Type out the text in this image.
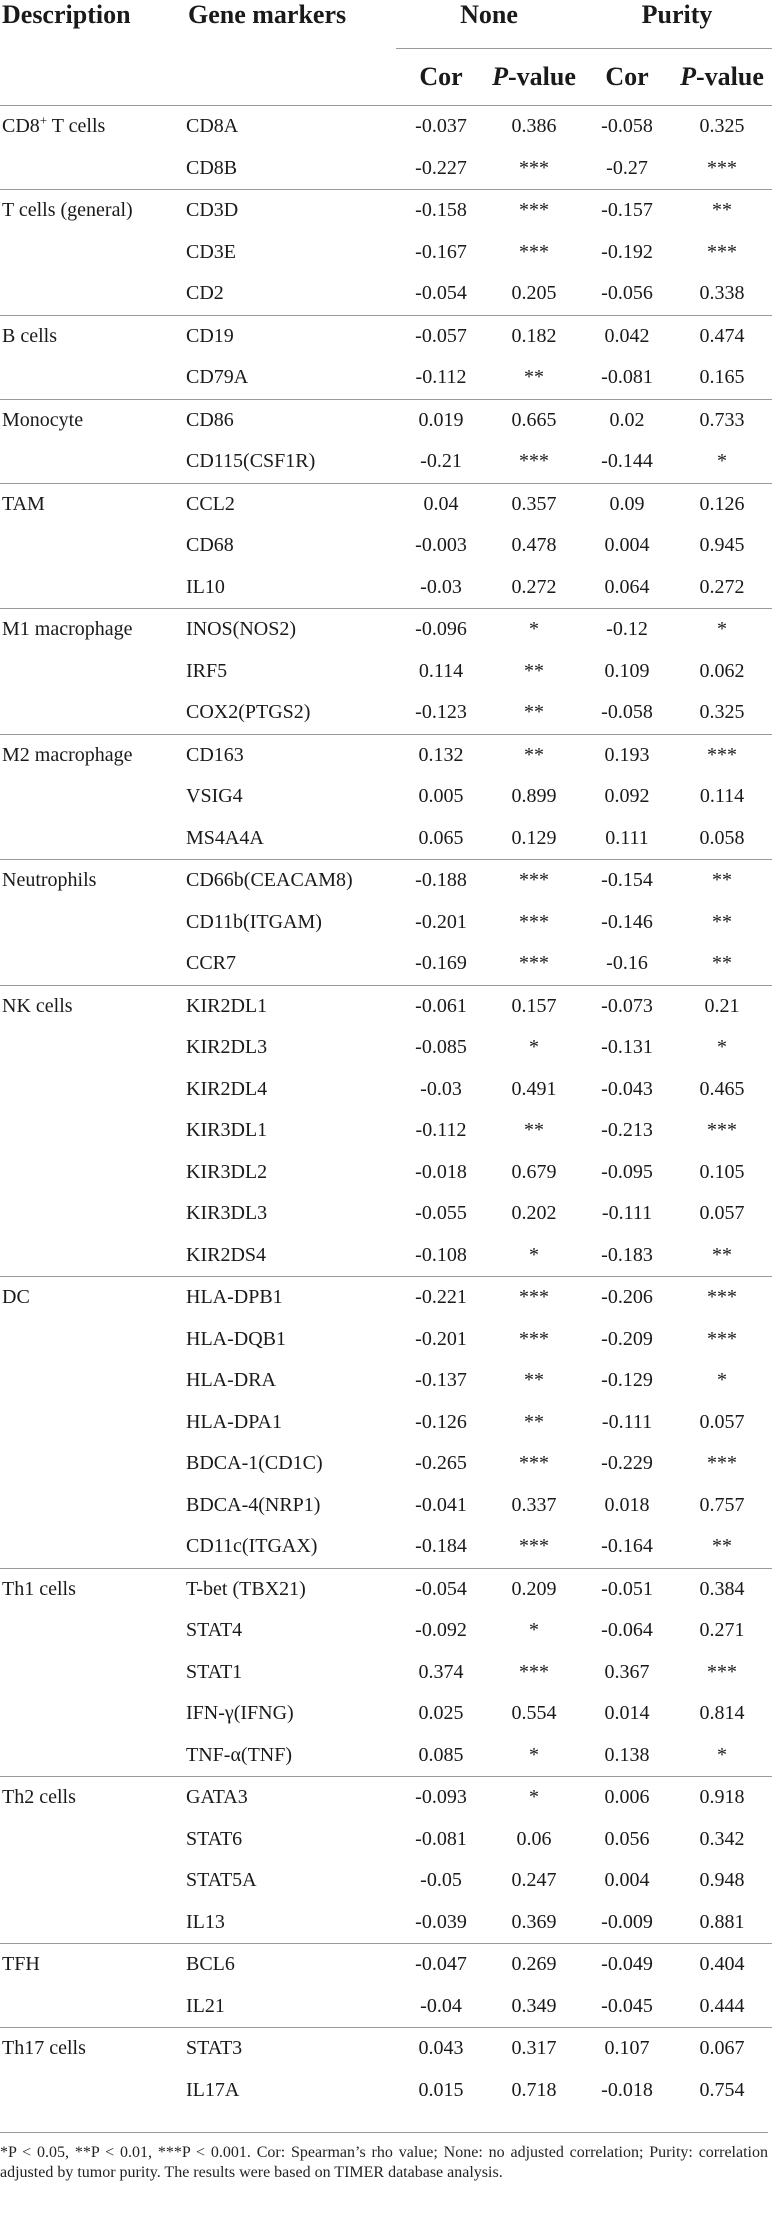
Description	Gene markers	None		Purity	
		Cor	P-value	Cor	P-value
CD8+ T cells	CD8A	-0.037	0.386	-0.058	0.325
	CD8B	-0.227	***	-0.27	***
T cells (general)	CD3D	-0.158	***	-0.157	**
	CD3E	-0.167	***	-0.192	***
	CD2	-0.054	0.205	-0.056	0.338
B cells	CD19	-0.057	0.182	0.042	0.474
	CD79A	-0.112	**	-0.081	0.165
Monocyte	CD86	0.019	0.665	0.02	0.733
	CD115(CSF1R)	-0.21	***	-0.144	*
TAM	CCL2	0.04	0.357	0.09	0.126
	CD68	-0.003	0.478	0.004	0.945
	IL10	-0.03	0.272	0.064	0.272
M1 macrophage	INOS(NOS2)	-0.096	*	-0.12	*
	IRF5	0.114	**	0.109	0.062
	COX2(PTGS2)	-0.123	**	-0.058	0.325
M2 macrophage	CD163	0.132	**	0.193	***
	VSIG4	0.005	0.899	0.092	0.114
	MS4A4A	0.065	0.129	0.111	0.058
Neutrophils	CD66b(CEACAM8)	-0.188	***	-0.154	**
	CD11b(ITGAM)	-0.201	***	-0.146	**
	CCR7	-0.169	***	-0.16	**
NK cells	KIR2DL1	-0.061	0.157	-0.073	0.21
	KIR2DL3	-0.085	*	-0.131	*
	KIR2DL4	-0.03	0.491	-0.043	0.465
	KIR3DL1	-0.112	**	-0.213	***
	KIR3DL2	-0.018	0.679	-0.095	0.105
	KIR3DL3	-0.055	0.202	-0.111	0.057
	KIR2DS4	-0.108	*	-0.183	**
DC	HLA-DPB1	-0.221	***	-0.206	***
	HLA-DQB1	-0.201	***	-0.209	***
	HLA-DRA	-0.137	**	-0.129	*
	HLA-DPA1	-0.126	**	-0.111	0.057
	BDCA-1(CD1C)	-0.265	***	-0.229	***
	BDCA-4(NRP1)	-0.041	0.337	0.018	0.757
	CD11c(ITGAX)	-0.184	***	-0.164	**
Th1 cells	T-bet (TBX21)	-0.054	0.209	-0.051	0.384
	STAT4	-0.092	*	-0.064	0.271
	STAT1	0.374	***	0.367	***
	IFN-γ(IFNG)	0.025	0.554	0.014	0.814
	TNF-α(TNF)	0.085	*	0.138	*
Th2 cells	GATA3	-0.093	*	0.006	0.918
	STAT6	-0.081	0.06	0.056	0.342
	STAT5A	-0.05	0.247	0.004	0.948
	IL13	-0.039	0.369	-0.009	0.881
TFH	BCL6	-0.047	0.269	-0.049	0.404
	IL21	-0.04	0.349	-0.045	0.444
Th17 cells	STAT3	0.043	0.317	0.107	0.067
	IL17A	0.015	0.718	-0.018	0.754
*P < 0.05, **P < 0.01, ***P < 0.001. Cor: Spearman’s rho value; None: no adjusted correlation; Purity: correlation adjusted by tumor purity. The results were based on TIMER database analysis.
